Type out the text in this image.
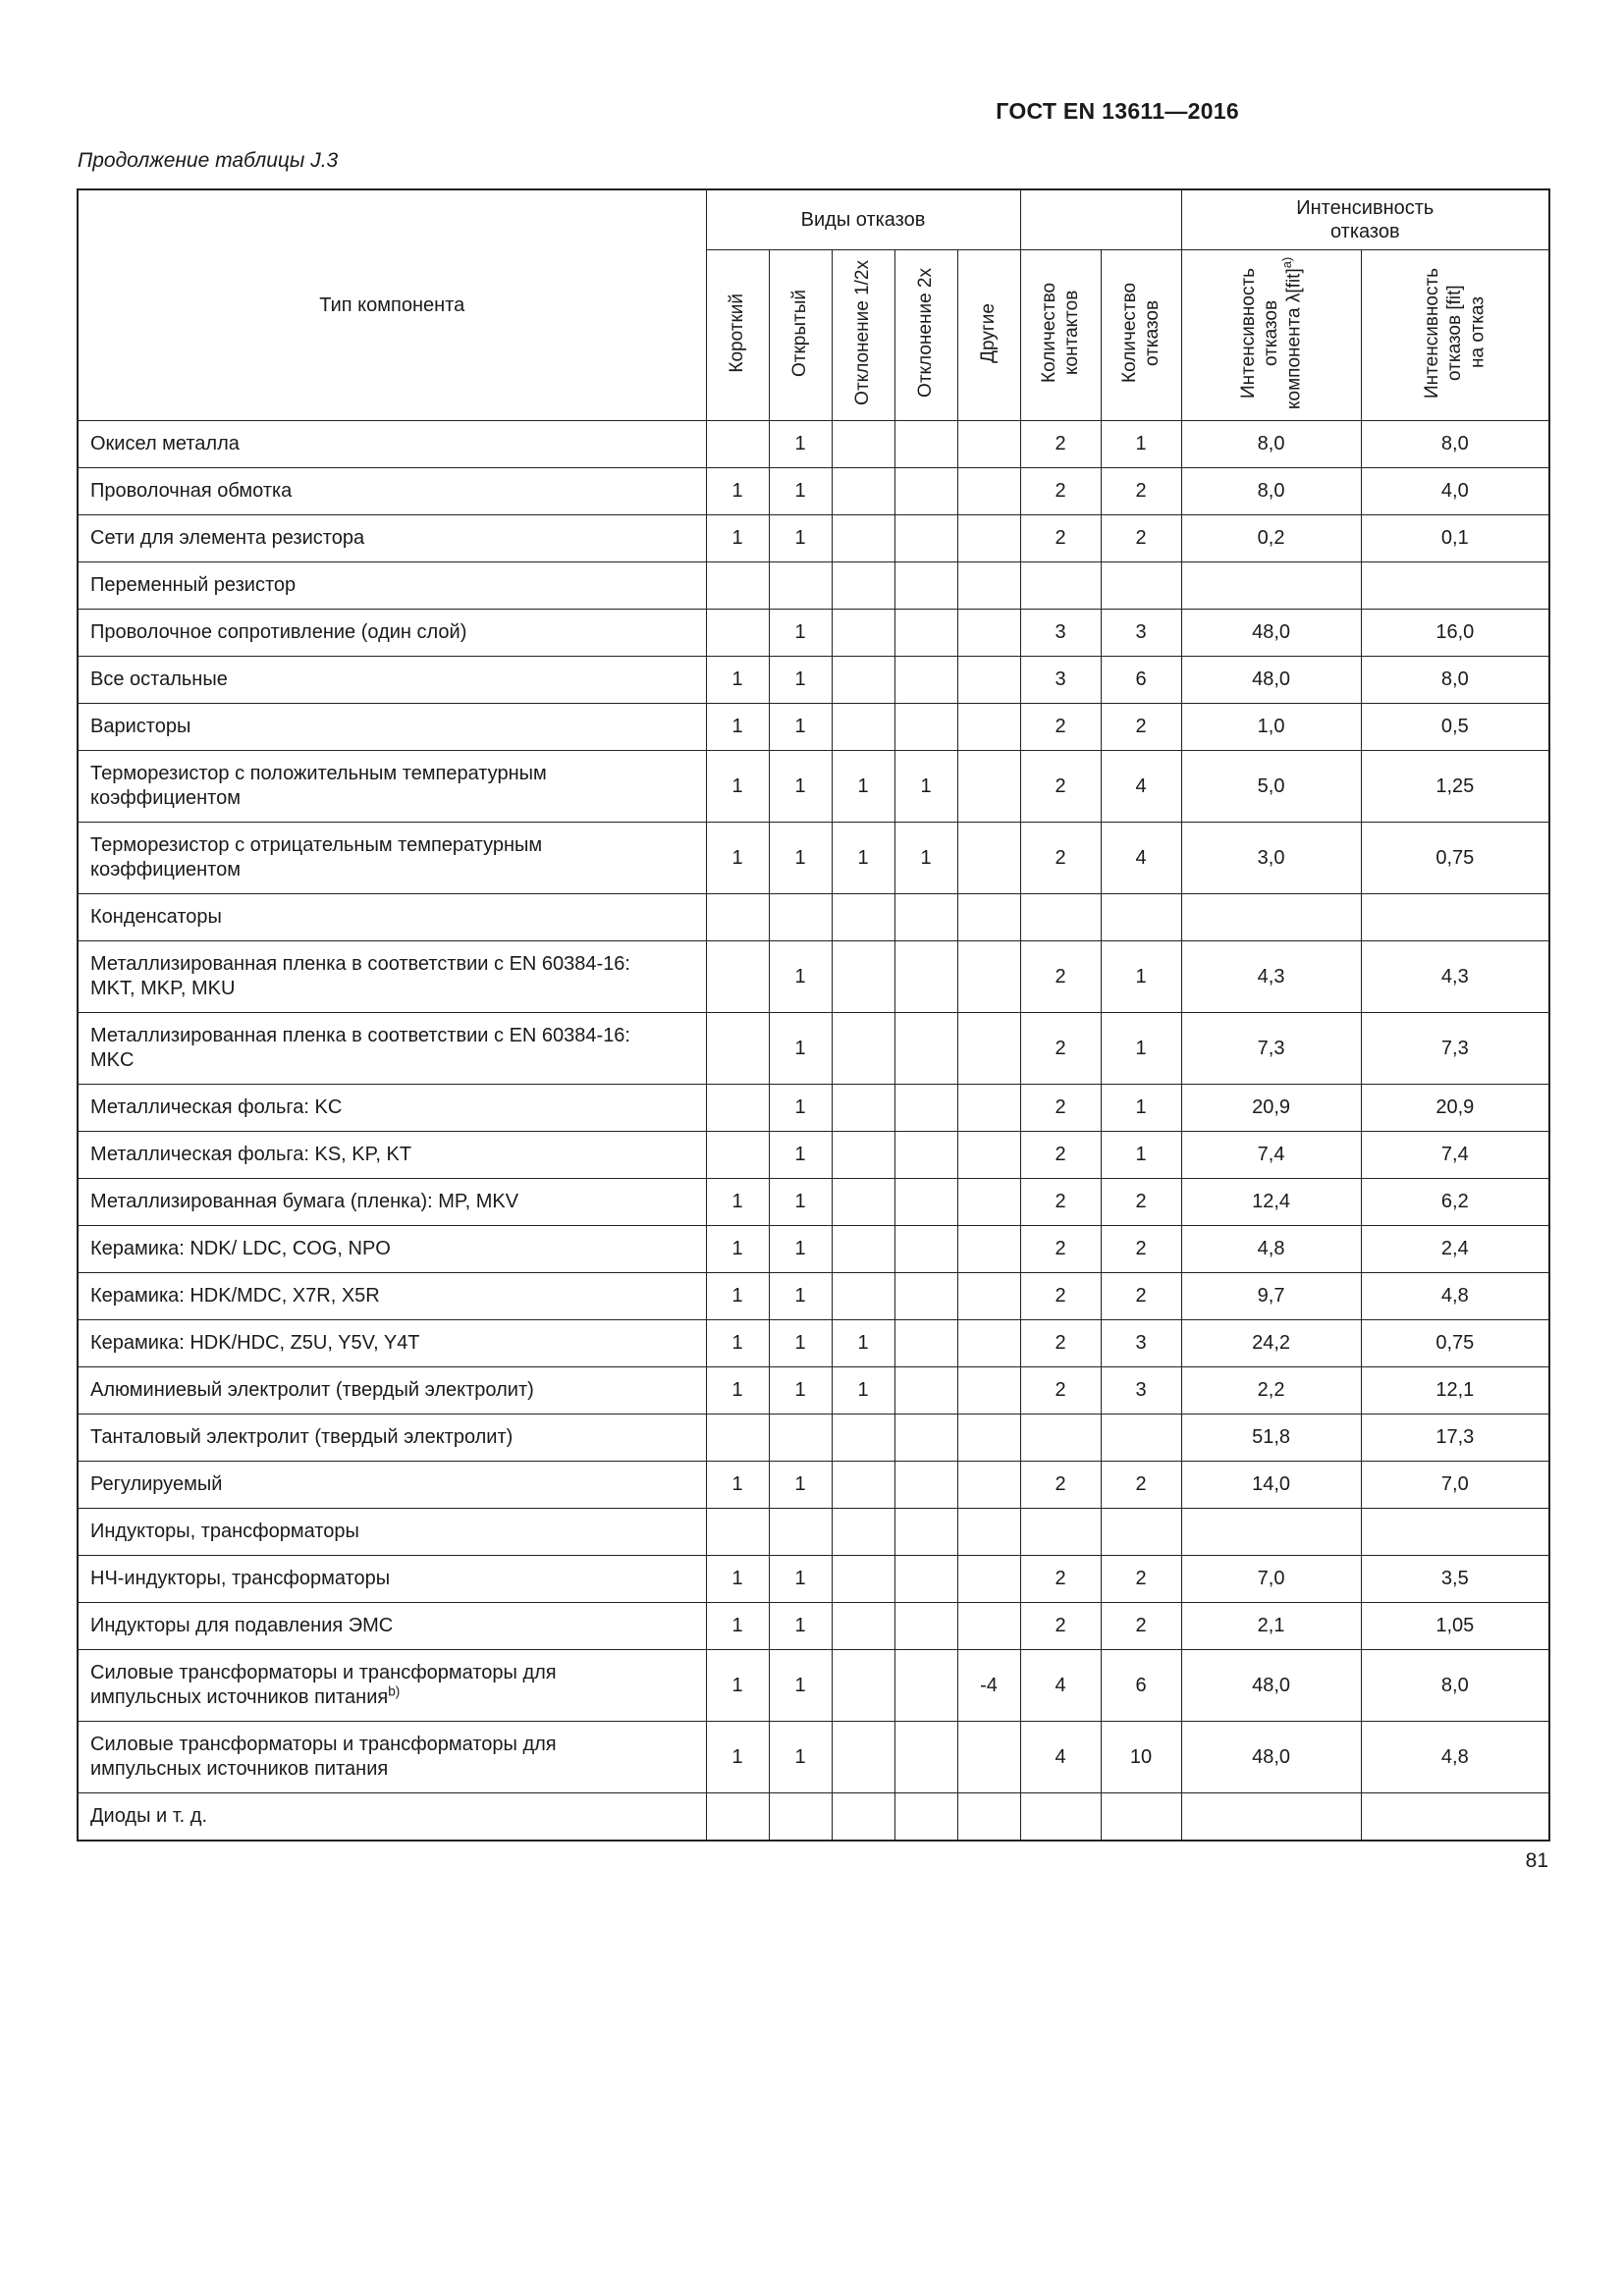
ГОСТ EN 13611—2016
Продолжение таблицы J.3
Тип компонента	Виды отказов							Интенсивность отказов	
	Короткий	Открытый	Отклонение 1/2x	Отклонение 2x	Другие	Количество контактов	Количество отказов	Интенсивность отказов компонента λ[fit]$^{a)}$	Интенсивность отказов [fit] на отказ
Окисел металла		1				2	1	8,0	8,0
Проволочная обмотка	1	1				2	2	8,0	4,0
Сети для элемента резистора	1	1				2	2	0,2	0,1
Переменный резистор									
Проволочное сопротивление (один слой)		1				3	3	48,0	16,0
Все остальные	1	1				3	6	48,0	8,0
Варисторы	1	1				2	2	1,0	0,5
Терморезистор с положительным температурным коэффициентом	1	1	1	1		2	4	5,0	1,25
Терморезистор с отрицательным температурным коэффициентом	1	1	1	1		2	4	3,0	0,75
Конденсаторы									
Металлизированная пленка в соответствии с EN 60384-16: MKT, MKP, MKU		1				2	1	4,3	4,3
Металлизированная пленка в соответствии с EN 60384-16: MKC		1				2	1	7,3	7,3
Металлическая фольга: KC		1				2	1	20,9	20,9
Металлическая фольга: KS, KP, KT		1				2	1	7,4	7,4
Металлизированная бумага (пленка): MP, MKV	1	1				2	2	12,4	6,2
Керамика: NDK/ LDC, COG, NPO	1	1				2	2	4,8	2,4
Керамика: HDK/MDC, X7R, X5R	1	1				2	2	9,7	4,8
Керамика: HDK/HDC, Z5U, Y5V, Y4T	1	1	1			2	3	24,2	0,75
Алюминиевый электролит (твердый электролит)	1	1	1			2	3	2,2	12,1
Танталовый электролит (твердый электролит)								51,8	17,3
Регулируемый	1	1				2	2	14,0	7,0
Индукторы, трансформаторы									
НЧ-индукторы, трансформаторы	1	1				2	2	7,0	3,5
Индукторы для подавления ЭМС	1	1				2	2	2,1	1,05
Силовые трансформаторы и трансформаторы для импульсных источников питания$^{b)}$	1	1			-4	4	6	48,0	8,0
Силовые трансформаторы и трансформаторы для импульсных источников питания	1	1				4	10	48,0	4,8
Диоды и т. д.									
81
